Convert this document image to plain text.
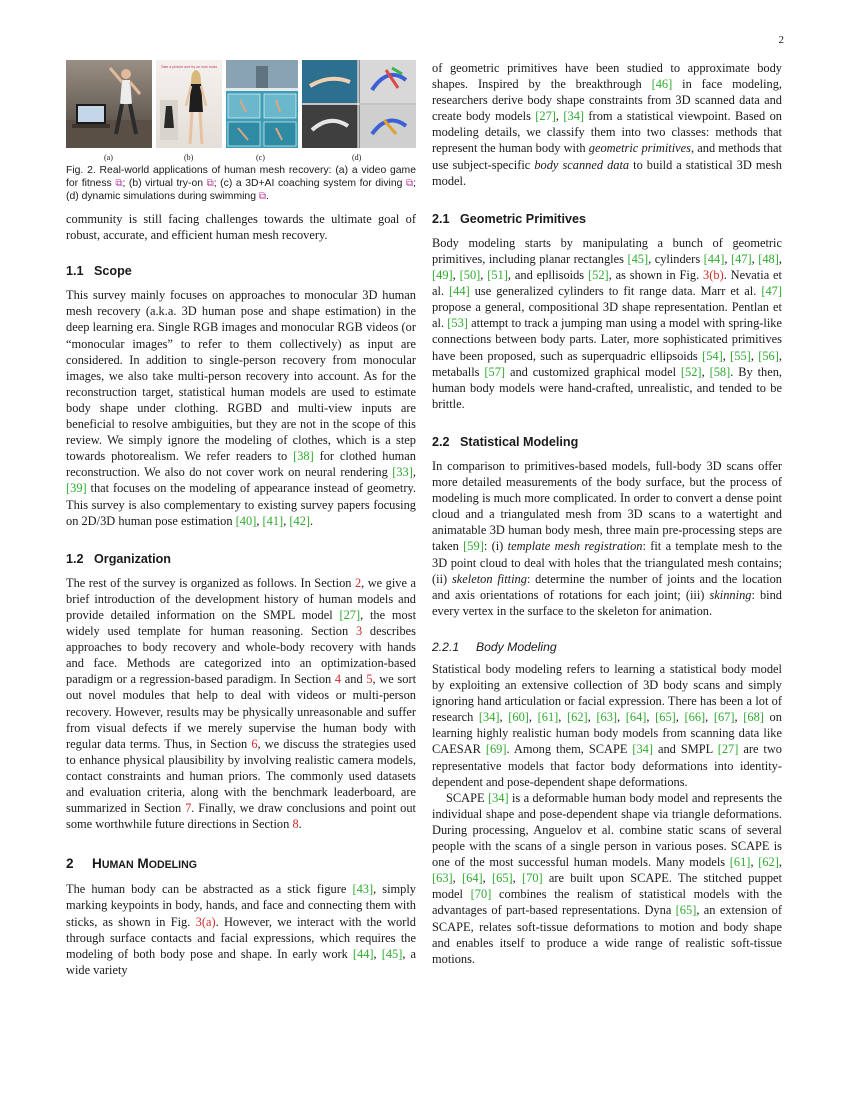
2
Take a picture and try on new looks
(a)	(b)	(c)	(d)

Fig. 2. Real-world applications of human mesh recovery: (a) a video game for fitness ⧉; (b) virtual try-on ⧉; (c) a 3D+AI coaching system for diving ⧉; (d) dynamic simulations during swimming ⧉.

community is still facing challenges towards the ultimate goal of robust, accurate, and efficient human mesh recovery.

1.1 Scope

This survey mainly focuses on approaches to monocular 3D human mesh recovery (a.k.a. 3D human pose and shape estimation) in the deep learning era. Single RGB images and monocular RGB videos (or “monocular images” to refer to them collectively) as input are considered. In addition to single-person recovery from monocular images, we also take multi-person recovery into account. As for the reconstruction target, statistical human models are used to estimate body shape under clothing. RGBD and multi-view inputs are beneficial to resolve ambiguities, but they are not in the scope of this review. We simply ignore the modeling of clothes, which is a step towards photorealism. We refer readers to [38] for clothed human reconstruction. We also do not cover work on neural rendering [33], [39] that focuses on the modeling of appearance instead of geometry. This survey is also complementary to existing survey papers focusing on 2D/3D human pose estimation [40], [41], [42].

1.2 Organization

The rest of the survey is organized as follows. In Section 2, we give a brief introduction of the development history of human models and provide detailed information on the SMPL model [27], the most widely used template for human reasoning. Section 3 describes approaches to body recovery and whole-body recovery with hands and face. Methods are categorized into an optimization-based paradigm or a regression-based paradigm. In Section 4 and 5, we sort out novel modules that help to deal with videos or multi-person recovery. However, results may be physically unreasonable and suffer from visual defects if we merely supervise the human body with regular data terms. Thus, in Section 6, we discuss the strategies used to enhance physical plausibility by involving realistic camera models, contact constraints and human priors. The commonly used datasets and evaluation criteria, along with the benchmark leaderboard, are summarized in Section 7. Finally, we draw conclusions and point out some worthwhile future directions in Section 8.

2 HUMAN MODELING

The human body can be abstracted as a stick figure [43], simply marking keypoints in body, hands, and face and connecting them with sticks, as shown in Fig. 3(a). However, we interact with the world through surface contacts and facial expressions, which requires the modeling of both body pose and shape. In early work [44], [45], a wide variety

of geometric primitives have been studied to approximate body shapes. Inspired by the breakthrough [46] in face modeling, researchers derive body shape constraints from 3D scanned data and create body models [27], [34] from a statistical viewpoint. Based on modeling details, we classify them into two classes: methods that represent the human body with geometric primitives, and methods that use subject-specific body scanned data to build a statistical 3D mesh model.

2.1 Geometric Primitives

Body modeling starts by manipulating a bunch of geometric primitives, including planar rectangles [45], cylinders [44], [47], [48], [49], [50], [51], and epllisoids [52], as shown in Fig. 3(b). Nevatia et al. [44] use generalized cylinders to fit range data. Marr et al. [47] propose a general, compositional 3D shape representation. Pentlan et al. [53] attempt to track a jumping man using a model with spring-like connections between body parts. Later, more sophisticated primitives have been proposed, such as superquadric ellipsoids [54], [55], [56], metaballs [57] and customized graphical model [52], [58]. By then, human body models were hand-crafted, unrealistic, and tended to be brittle.

2.2 Statistical Modeling

In comparison to primitives-based models, full-body 3D scans offer more detailed measurements of the body surface, but the process of modeling is much more complicated. In order to convert a dense point cloud and a triangulated mesh from 3D scans to a watertight and animatable 3D human body mesh, three main pre-processing steps are taken [59]: (i) template mesh registration: fit a template mesh to the 3D point cloud to deal with holes that the triangulated mesh contains; (ii) skeleton fitting: determine the number of joints and the location and axis orientations of rotations for each joint; (iii) skinning: bind every vertex in the surface to the skeleton for animation.

2.2.1 Body Modeling

Statistical body modeling refers to learning a statistical body model by exploiting an extensive collection of 3D body scans and simply ignoring hand articulation or facial expression. There has been a lot of research [34], [60], [61], [62], [63], [64], [65], [66], [67], [68] on learning highly realistic human body models from scanning data like CAESAR [69]. Among them, SCAPE [34] and SMPL [27] are two representative models that factor body deformations into identity-dependent and pose-dependent shape deformations.

SCAPE [34] is a deformable human body model and represents the individual shape and pose-dependent shape via triangle deformations. During processing, Anguelov et al. combine static scans of several people with the scans of a single person in various poses. SCAPE is one of the most successful human models. Many models [61], [62], [63], [64], [65], [70] are built upon SCAPE. The stitched puppet model [70] combines the realism of statistical models with the advantages of part-based representations. Dyna [65], an extension of SCAPE, relates soft-tissue deformations to motion and body shape and enables itself to produce a wide range of realistic soft-tissue motions.
